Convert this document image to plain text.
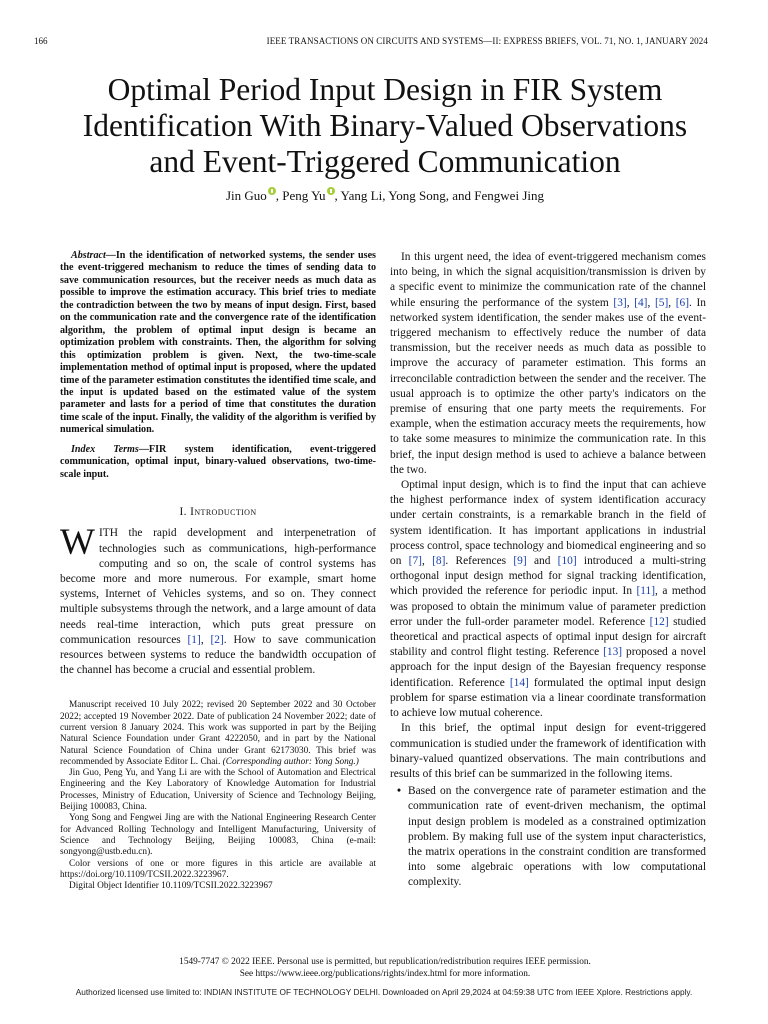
166	IEEE TRANSACTIONS ON CIRCUITS AND SYSTEMS—II: EXPRESS BRIEFS, VOL. 71, NO. 1, JANUARY 2024
Optimal Period Input Design in FIR System
Identification With Binary-Valued Observations
and Event-Triggered Communication
Jin Guo , Peng Yu , Yang Li, Yong Song, and Fengwei Jing

Abstract—In the identification of networked systems, the sender uses the event-triggered mechanism to reduce the times of sending data to save communication resources, but the receiver needs as much data as possible to improve the estimation accuracy. This brief tries to mediate the contradiction between the two by means of input design. First, based on the communication rate and the convergence rate of the identification algorithm, the problem of optimal input design is became an optimization problem with constraints. Then, the algorithm for solving this optimization problem is given. Next, the two-time-scale implementation method of optimal input is proposed, where the updated time of the parameter estimation constitutes the identified time scale, and the input is updated based on the estimated value of the system parameter and lasts for a period of time that constitutes the duration time scale of the input. Finally, the validity of the algorithm is verified by numerical simulation.

Index Terms—FIR system identification, event-triggered communication, optimal input, binary-valued observations, two-time-scale input.

I. Introduction

WITH the rapid development and interpenetration of technologies such as communications, high-performance computing and so on, the scale of control systems has become more and more numerous. For example, smart home systems, Internet of Vehicles systems, and so on. They connect multiple subsystems through the network, and a large amount of data needs real-time interaction, which puts great pressure on communication resources [1], [2]. How to save communication resources between systems to reduce the bandwidth occupation of the channel has become a crucial and essential problem.

Manuscript received 10 July 2022; revised 20 September 2022 and 30 October 2022; accepted 19 November 2022. Date of publication 24 November 2022; date of current version 8 January 2024. This work was supported in part by the Beijing Natural Science Foundation under Grant 4222050, and in part by the National Natural Science Foundation of China under Grant 62173030. This brief was recommended by Associate Editor L. Chai. (Corresponding author: Yong Song.)

Jin Guo, Peng Yu, and Yang Li are with the School of Automation and Electrical Engineering and the Key Laboratory of Knowledge Automation for Industrial Processes, Ministry of Education, University of Science and Technology Beijing, Beijing 100083, China.

Yong Song and Fengwei Jing are with the National Engineering Research Center for Advanced Rolling Technology and Intelligent Manufacturing, University of Science and Technology Beijing, Beijing 100083, China (e-mail: songyong@ustb.edu.cn).

Color versions of one or more figures in this article are available at https://doi.org/10.1109/TCSII.2022.3223967.

Digital Object Identifier 10.1109/TCSII.2022.3223967

In this urgent need, the idea of event-triggered mechanism comes into being, in which the signal acquisition/transmission is driven by a specific event to minimize the communication rate of the channel while ensuring the performance of the system [3], [4], [5], [6]. In networked system identification, the sender makes use of the event-triggered mechanism to effectively reduce the number of data transmission, but the receiver needs as much data as possible to improve the accuracy of parameter estimation. This forms an irreconcilable contradiction between the sender and the receiver. The usual approach is to optimize the other party's indicators on the premise of ensuring that one party meets the requirements. For example, when the estimation accuracy meets the requirements, how to take some measures to minimize the communication rate. In this brief, the input design method is used to achieve a balance between the two.

Optimal input design, which is to find the input that can achieve the highest performance index of system identification accuracy under certain constraints, is a remarkable branch in the field of system identification. It has important applications in industrial process control, space technology and biomedical engineering and so on [7], [8]. References [9] and [10] introduced a multi-string orthogonal input design method for signal tracking identification, which provided the reference for periodic input. In [11], a method was proposed to obtain the minimum value of parameter prediction error under the full-order parameter model. Reference [12] studied theoretical and practical aspects of optimal input design for aircraft stability and control flight testing. Reference [13] proposed a novel approach for the input design of the Bayesian frequency response identification. Reference [14] formulated the optimal input design problem for sparse estimation via a linear coordinate transformation to achieve low mutual coherence.

In this brief, the optimal input design for event-triggered communication is studied under the framework of identification with binary-valued quantized observations. The main contributions and results of this brief can be summarized in the following items.

• Based on the convergence rate of parameter estimation and the communication rate of event-driven mechanism, the optimal input design problem is modeled as a constrained optimization problem. By making full use of the system input characteristics, the matrix operations in the constraint condition are transformed into some algebraic operations with low computational complexity.
1549-7747 © 2022 IEEE. Personal use is permitted, but republication/redistribution requires IEEE permission.
See https://www.ieee.org/publications/rights/index.html for more information.
Authorized licensed use limited to: INDIAN INSTITUTE OF TECHNOLOGY DELHI. Downloaded on April 29,2024 at 04:59:38 UTC from IEEE Xplore. Restrictions apply.
